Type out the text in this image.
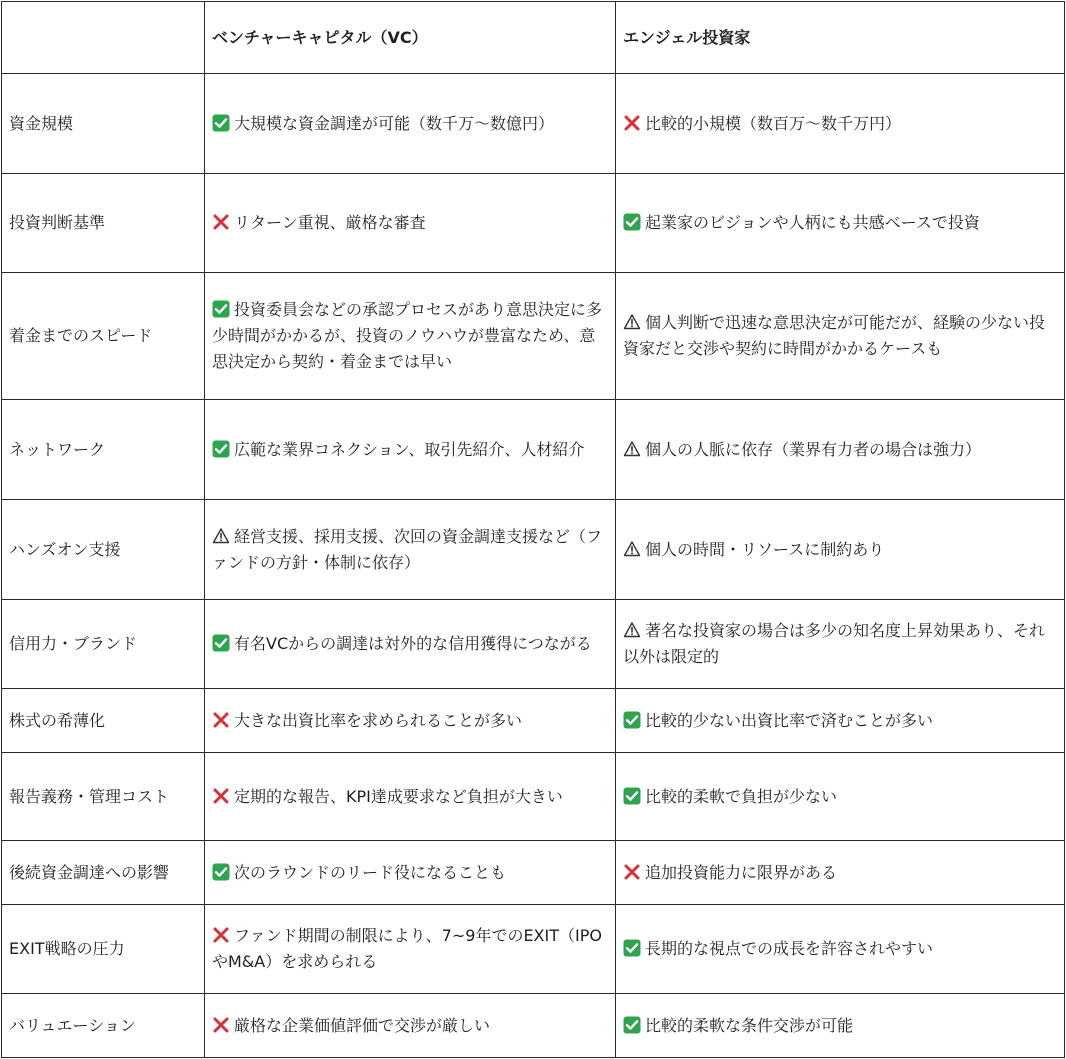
	ベンチャーキャピタル（VC）	エンジェル投資家
資金規模	大規模な資金調達が可能（数千万〜数億円）	比較的小規模（数百万〜数千万円）
投資判断基準	リターン重視、厳格な審査	起業家のビジョンや人柄にも共感ベースで投資
着金までのスピード	投資委員会などの承認プロセスがあり意思決定に多少時間がかかるが、投資のノウハウが豊富なため、意思決定から契約・着金までは早い	個人判断で迅速な意思決定が可能だが、経験の少ない投資家だと交渉や契約に時間がかかるケースも
ネットワーク	広範な業界コネクション、取引先紹介、人材紹介	個人の人脈に依存（業界有力者の場合は強力）
ハンズオン支援	経営支援、採用支援、次回の資金調達支援など（ファンドの方針・体制に依存）	個人の時間・リソースに制約あり
信用力・ブランド	有名VCからの調達は対外的な信用獲得につながる	著名な投資家の場合は多少の知名度上昇効果あり、それ以外は限定的
株式の希薄化	大きな出資比率を求められることが多い	比較的少ない出資比率で済むことが多い
報告義務・管理コスト	定期的な報告、KPI達成要求など負担が大きい	比較的柔軟で負担が少ない
後続資金調達への影響	次のラウンドのリード役になることも	追加投資能力に限界がある
EXIT戦略の圧力	ファンド期間の制限により、7~9年でのEXIT（IPOやM&A）を求められる	長期的な視点での成長を許容されやすい
バリュエーション	厳格な企業価値評価で交渉が厳しい	比較的柔軟な条件交渉が可能
